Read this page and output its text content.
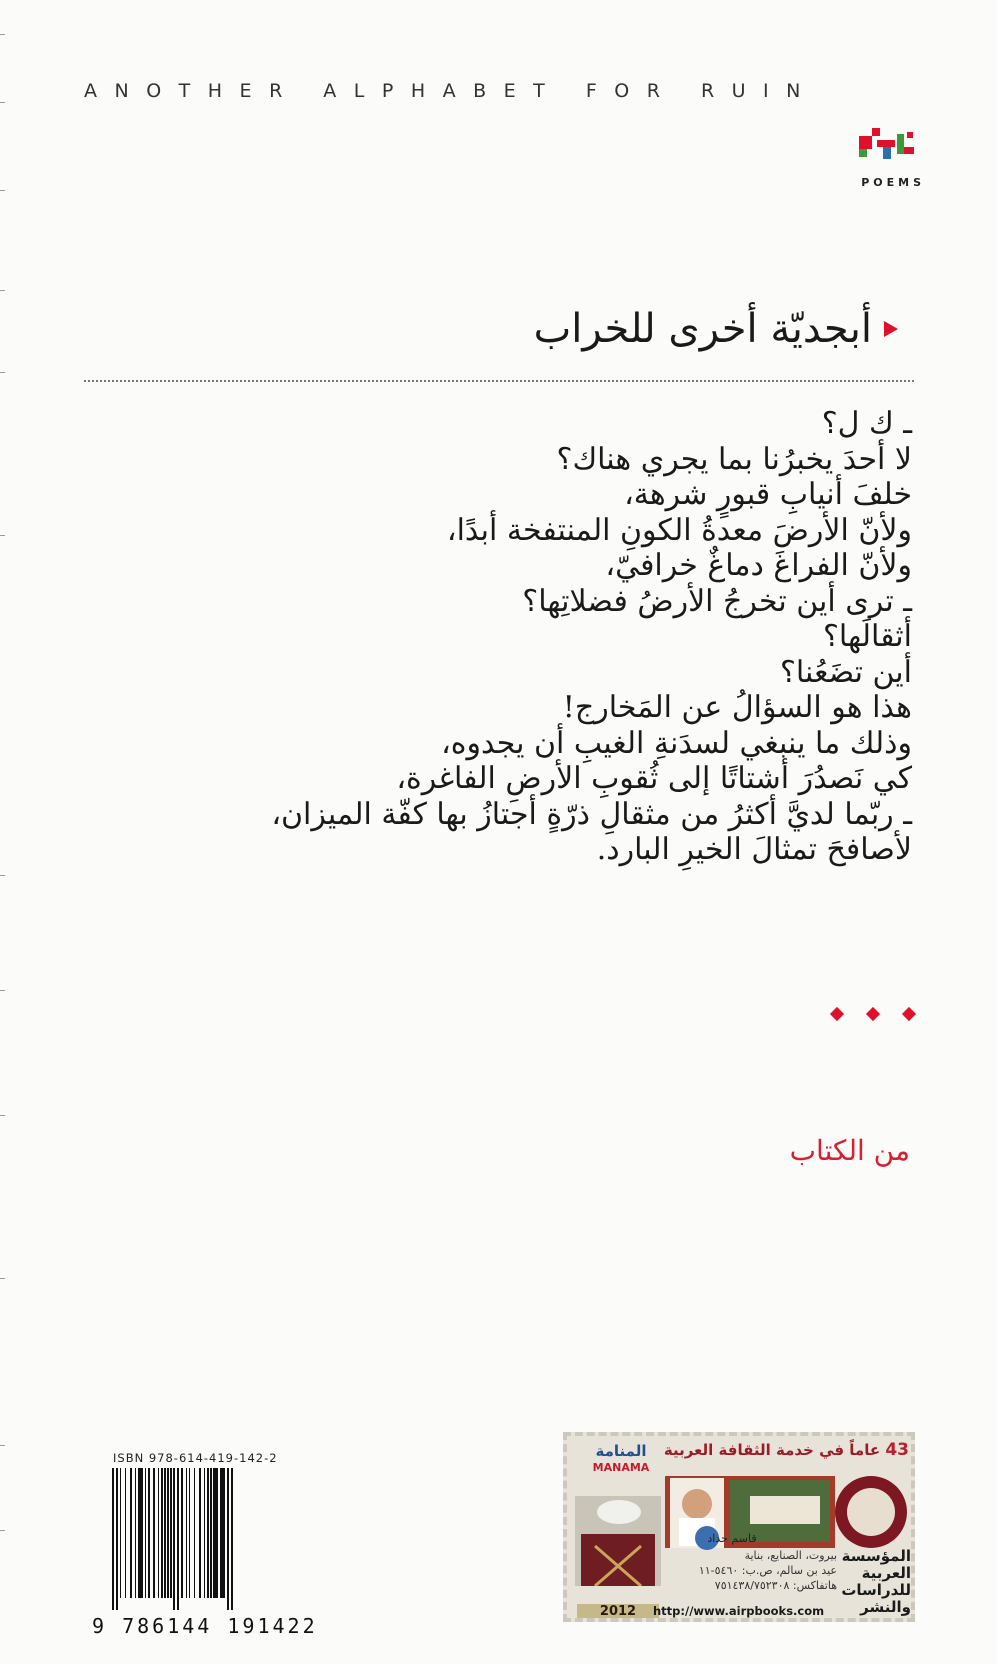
ANOTHER ALPHABET FOR RUIN
POEMS
أبجديّة أخرى للخراب
ـ ك ل؟
لا أحدَ يخبرُنا بما يجري هناك؟
خلفَ أنيابِ قبورٍ شرهة،
ولأنّ الأرضَ معدةُ الكونِ المنتفخة أبدًا،
ولأنّ الفراغَ دماغٌ خرافيّ،
ـ ترى أين تخرجُ الأرضُ فضلاتِها؟
أثقالَها؟
أين تضَعُنا؟
هذا هو السؤالُ عن المَخارج!
وذلك ما ينبغي لسدَنةِ الغيبِ أن يجدوه،
كي نَصدُرَ أشتاتًا إلى ثُقوبِ الأرضِ الفاغرة،
ـ ربّما لديَّ أكثرُ من مثقالِ ذرّةٍ أجتازُ بها كفّة الميزان،
لأصافحَ تمثالَ الخيرِ البارد.
من الكتاب
ISBN 978-614-419-142-2
9 786144 191422
43 عاماً في خدمة الثقافة العربية
المنامة
MANAMA
قاسم حداد
بيروت، الصنايع، بناية
عيد بن سالم، ص.ب: ٥٤٦٠-١١
هاتفاكس: ٧٥١٤٣٨/٧٥٢٣٠٨
المؤسسة
العربية
للدراسات
والنشر
2012	http://www.airpbooks.com
